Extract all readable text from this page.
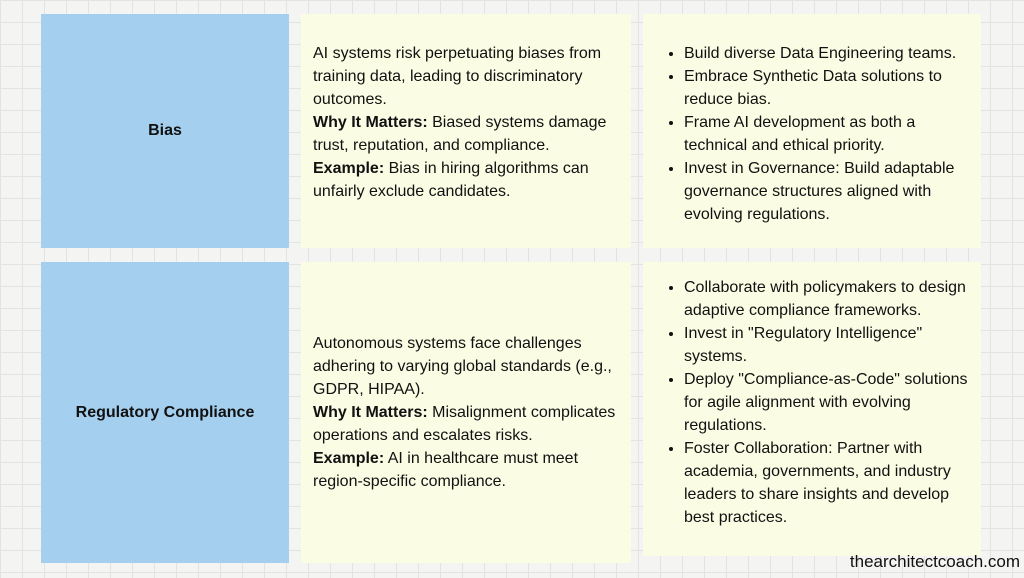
Bias

AI systems risk perpetuating biases from training data, leading to discriminatory outcomes.

Why It Matters: Biased systems damage trust, reputation, and compliance.

Example: Bias in hiring algorithms can unfairly exclude candidates.

• Build diverse Data Engineering teams.
• Embrace Synthetic Data solutions to reduce bias.
• Frame AI development as both a technical and ethical priority.
• Invest in Governance: Build adaptable governance structures aligned with evolving regulations.
Regulatory Compliance

Autonomous systems face challenges adhering to varying global standards (e.g., GDPR, HIPAA).

Why It Matters: Misalignment complicates operations and escalates risks.

Example: AI in healthcare must meet region-specific compliance.

• Collaborate with policymakers to design adaptive compliance frameworks.
• Invest in "Regulatory Intelligence" systems.
• Deploy "Compliance-as-Code" solutions for agile alignment with evolving regulations.
• Foster Collaboration: Partner with academia, governments, and industry leaders to share insights and develop best practices.
thearchitectcoach.com
